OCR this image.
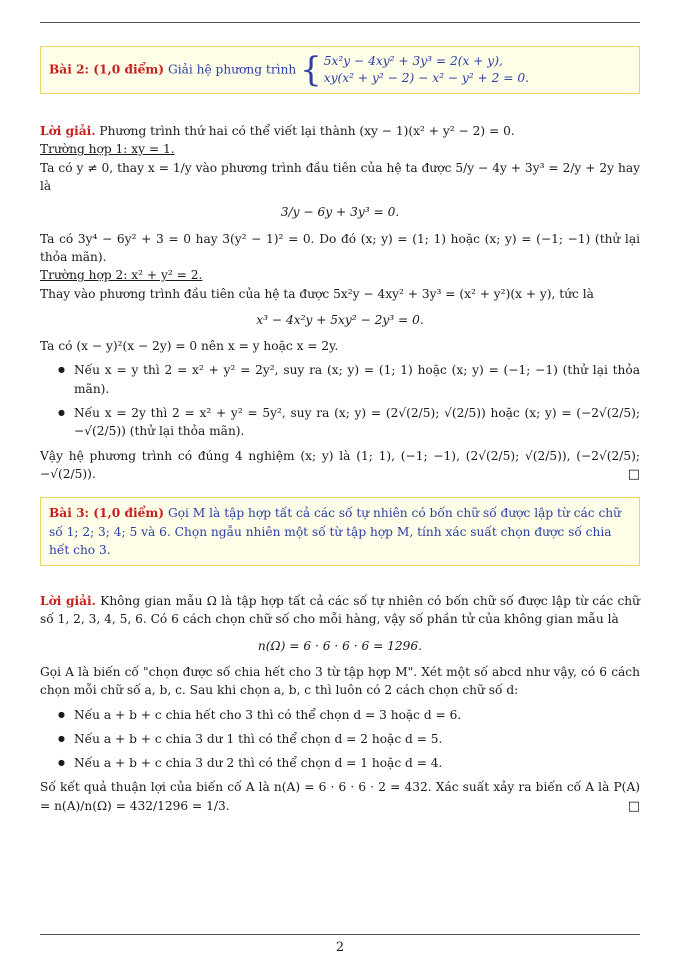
Bài 2: (1,0 điểm) Giải hệ phương trình { 5x²y − 4xy² + 3y³ = 2(x + y),
xy(x² + y² − 2) − x² − y² + 2 = 0.

Lời giải. Phương trình thứ hai có thể viết lại thành (xy − 1)(x² + y² − 2) = 0.

Trường hợp 1: xy = 1.

Ta có y ≠ 0, thay x = 1/y vào phương trình đầu tiên của hệ ta được 5/y − 4y + 3y³ = 2/y + 2y hay là

3/y − 6y + 3y³ = 0.

Ta có 3y⁴ − 6y² + 3 = 0 hay 3(y² − 1)² = 0. Do đó (x; y) = (1; 1) hoặc (x; y) = (−1; −1) (thử lại thỏa mãn).

Trường hợp 2: x² + y² = 2.

Thay vào phương trình đầu tiên của hệ ta được 5x²y − 4xy² + 3y³ = (x² + y²)(x + y), tức là

x³ − 4x²y + 5xy² − 2y³ = 0.

Ta có (x − y)²(x − 2y) = 0 nên x = y hoặc x = 2y.

● Nếu x = y thì 2 = x² + y² = 2y², suy ra (x; y) = (1; 1) hoặc (x; y) = (−1; −1) (thử lại thỏa mãn).
● Nếu x = 2y thì 2 = x² + y² = 5y², suy ra (x; y) = (2√(2/5); √(2/5)) hoặc (x; y) = (−2√(2/5); −√(2/5)) (thử lại thỏa mãn).

Vậy hệ phương trình có đúng 4 nghiệm (x; y) là (1; 1), (−1; −1), (2√(2/5); √(2/5)), (−2√(2/5); −√(2/5)).	□

Bài 3: (1,0 điểm) Gọi M là tập hợp tất cả các số tự nhiên có bốn chữ số được lập từ các chữ số 1; 2; 3; 4; 5 và 6. Chọn ngẫu nhiên một số từ tập hợp M, tính xác suất chọn được số chia hết cho 3.

Lời giải. Không gian mẫu Ω là tập hợp tất cả các số tự nhiên có bốn chữ số được lập từ các chữ số 1, 2, 3, 4, 5, 6. Có 6 cách chọn chữ số cho mỗi hàng, vậy số phần tử của không gian mẫu là

n(Ω) = 6 · 6 · 6 · 6 = 1296.

Gọi A là biến cố "chọn được số chia hết cho 3 từ tập hợp M". Xét một số abcd như vậy, có 6 cách chọn mỗi chữ số a, b, c. Sau khi chọn a, b, c thì luôn có 2 cách chọn chữ số d:

● Nếu a + b + c chia hết cho 3 thì có thể chọn d = 3 hoặc d = 6.
● Nếu a + b + c chia 3 dư 1 thì có thể chọn d = 2 hoặc d = 5.
● Nếu a + b + c chia 3 dư 2 thì có thể chọn d = 1 hoặc d = 4.

Số kết quả thuận lợi của biến cố A là n(A) = 6 · 6 · 6 · 2 = 432. Xác suất xảy ra biến cố A là P(A) = n(A)/n(Ω) = 432/1296 = 1/3.	□

2
